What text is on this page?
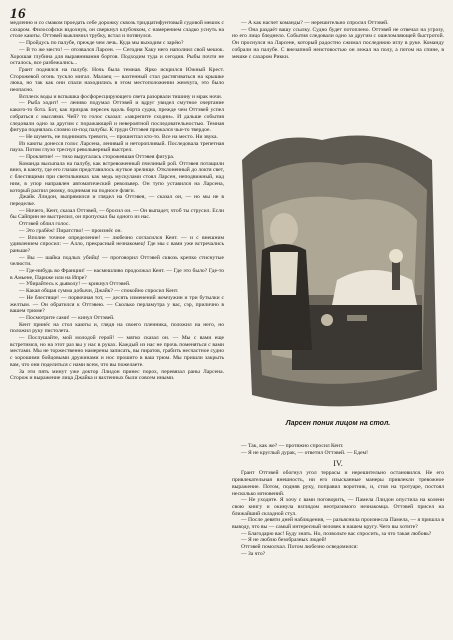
16

медленно и со смаком проедать себе дорожку сквозь тридцатифунтовый судовой мешок с сахаром. Философски вздохнув, он сверкнул клубочком, с намерением сладко уснуть на столе каюты. Оттэвей выключил трубку, встал и потянулся.

— Пройдусь по палубе, прежде чем лечь. Куда мы выходим с зарёю?

— В то же место! — отозвался Ларсен. — Сегодня Хаку него наполнил свой мешок. Хорошая глубина для выравнивания бортов. Подходим туда и сегодня. Рыбы почти не осталось, все разбежались...

Грант поднялся на палубу. Ночь была темная. Ярко искрился Южный Крест. Сторожевой огонь тускло мигал. Малаец — вахтенный стал растягиваться на крышке люка, но так как они спали находились в этом местоположении жемчуга, это было неопасно.

Всплеск воды и вспышка фосфоресцирующего света разорвали тишину и мрак ночи.

— Рыба ходит! — лениво подумал Оттэвей и вдруг увидел смутное очертание какого-то бота. Бот, как призрак пересек вдоль борта судна, прежде чем Оттэвей успел собраться с мыслями. Чей? то голос сказал: «закрепите сходни». И дальше события следовали одно за другим с поражающей и невероятной последовательностью. Темная фигура поднялась словно из-под палубы. К груди Оттэвея прижался чьи-то твердое.

— Не шуметь, не поднимать тревоги, — прошептал кто-то. Все на место. Ни звука.

Из каюты донесся голос Ларсена, ленивый и неторопливый. Последовала трепетная пауза. Потом глухо треснул револьверный выстрел.

— Проклятие! — тихо выругалась сторожевшая Оттэвея фигура.

Команда высыпала на палубу, как встревоженный пчелиный рой. Оттэвея потащили вниз, в каюту, где его глазам представилось жуткое зрелище. Отклоненный до локтя свет, с блестящими при светильниках как медь мускулами стоял Ларсен, неподвижный, над ним, в упор направлен автоматический револьвер. Он тупо уставился на Ларсена, который распил рюмку, поднимая на подносе фляги.

Джайк Ллидон, выпрямился и глядел на Оттэвея, — сказал он, — но мы не в переделке.

— Ничего, Кент, сказал Оттэвей, — бросил он. — Он выпадет, чтоб ты струсил. Если бы Сайприн не выстрелил, он пропускал бы одного из нас.

Оттэвей облил голос.

— Это грабёж! Пиратство! — произнёс он.

— Вполне точное определение! — любезно согласился Кент. — и с внешним удивлением спросил: — Алло, прекрасный незнакомец! Где мы с вами уже встречались раньше?

— Вы — шайка подлых убийц! — проговорил Оттэвей сквозь крепко стиснутые челюсти.

— Где-нибудь во Франции! — насмешливо продолжал Кент. — Где это было? Где-то в Амьене, Париже или на Ипре?

— Убирайтесь к дьяволу! — крикнул Оттэвей.

— Какая общая сумма добычи, Джайк? — спокойно спросил Кент.

— Не блестяще! — порвочная тот, — десять изменений жемчужин и три бутылки с желтым. — Он обратился к Оттэвею. — Сколько перламутра у вас, сэр, прилично в вашем трюме?

— Посмотрите сами! — кинул Оттэвей.

Кент принёс на стол каюты и, глядя на своего пленника, положил на него, но положил руку пистолета.

— Послушайте, мой молодой герой! — мягко сказал он. — Мы с вами еще встретимся, но на этот раз вы у нас в руках. Каждый из нас не прочь поменяться с вами местами. Мы не торжественно намерены записать, вы пиратов, грабить несчастное судно с хорошими бойцовыми дружинами и нос прошито в ваш трюм. Мы пришли закрыть вам, что они поделиться с нами всем, что вы пожелаете.

За эти пять минут уже доктор Ллидон принес порох, перевязал раны Ларсена. Сторож и выражение лица Джайка и вахтенных были совсем иными.

— А как насчет команды? — нерешительно спросил Оттэвей.

— Она раздаёт вашу ссылку. Судно будет потоплено. Оттэвей не отвечал на угрозу, но его лицо бледнело. События следовали одно за другим с ошеломляющей быстротой. Он проснулся на Ларсене, который радостно сжимал последнюю иглу в руке. Команду собрали на палубе. С внезапной неистовостью он лежал на полу, а потом на спине, в мешке с сахаром Рикки.

Ларсен поник лицом на стол.

— Так, как же? — протяжно спросил Кент.

— Я не круглый дурак, — ответил Оттэвей. — Едем!

IV.

Грант Оттэвей обогнул угол террасы и нерешительно остановился. Не его привлекательная внешность, ни его изысканные манеры привлекли тревожное выражение. Потом, подняв руку, поправил воротник, и, стоя на тротуаре, постоял несколько мгновений.

— Не уходите. Я хочу с вами поговорить, — Памела Ллидон опустила на колени свою книгу и окинула взглядом неотразимого незнакомца. Оттэвей присел на ближайший складной стул.

— После девяти дней наблюдения, — разъяснила произнесла Памела, — я пришла в выводу, что вы — самый интересный человек в нашем кругу. Чего вы хотите?

— Благодарю вас! Буду знать. Но, позвольте вас спросить, за что такая любовь?

— Я не люблю безобразных людей!

Оттэвей помолчал. Потом любезно осведомился:

— За что?
